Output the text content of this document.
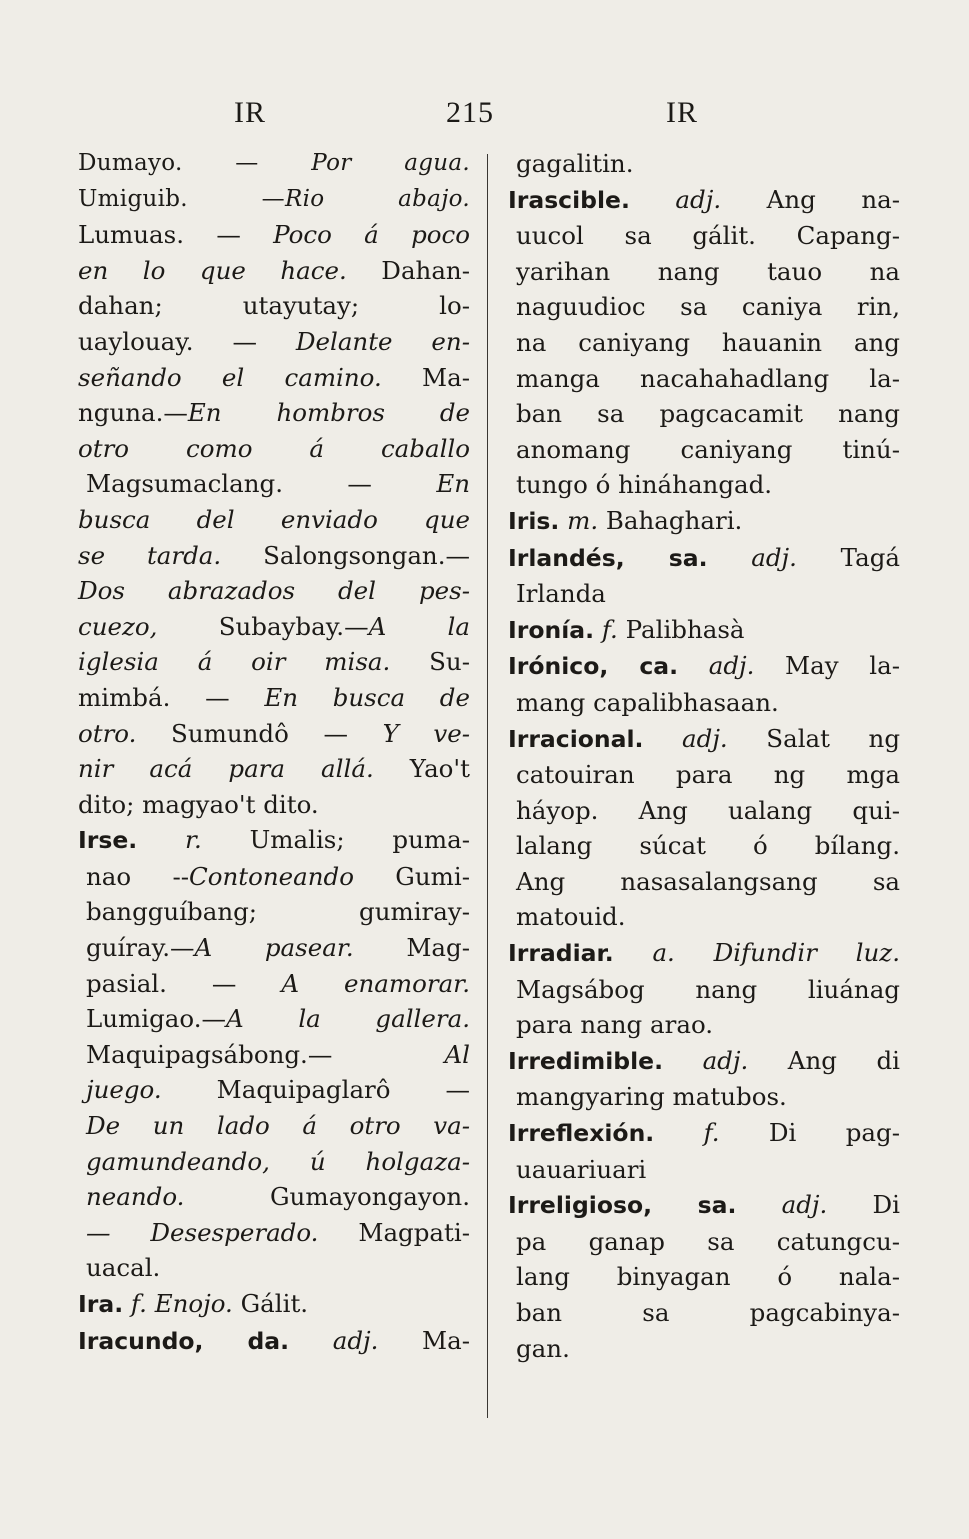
IR	215	IR
Dumayo. — Por agua.
Umiguib. —Rio abajo.
Lumuas. — Poco á poco
en lo que hace. Dahan-
dahan; utayutay; lo-
uaylouay. — Delante en-
señando el camino. Ma-
nguna.—En hombros de
otro como á caballo
Magsumaclang. — En
busca del enviado que
se tarda. Salongsongan.—
Dos abrazados del pes-
cuezo, Subaybay.—A la
iglesia á oir misa. Su-
mimbá. — En busca de
otro. Sumundô — Y ve-
nir acá para allá. Yao't
dito; magyao't dito.
Irse. r. Umalis; puma-
nao --Contoneando Gumi-
bangguíbang; gumiray-
guíray.—A pasear. Mag-
pasial. — A enamorar.
Lumigao.—A la gallera.
Maquipagsábong.— Al
juego. Maquipaglarô —
De un lado á otro va-
gamundeando, ú holgaza-
neando. Gumayongayon.
— Desesperado. Magpati-
uacal.
Ira. f. Enojo. Gálit.
Iracundo, da. adj. Ma-
gagalitin.
Irascible. adj. Ang na-
uucol sa gálit. Capang-
yarihan nang tauo na
naguudioc sa caniya rin,
na caniyang hauanin ang
manga nacahahadlang la-
ban sa pagcacamit nang
anomang caniyang tinú-
tungo ó hináhangad.
Iris. m. Bahaghari.
Irlandés, sa. adj. Tagá
Irlanda
Ironía. f. Palibhasà
Irónico, ca. adj. May la-
mang capalibhasaan.
Irracional. adj. Salat ng
catouiran para ng mga
háyop. Ang ualang qui-
lalang súcat ó bílang.
Ang nasasalangsang sa
matouid.
Irradiar. a. Difundir luz.
Magsábog nang liuánag
para nang arao.
Irredimible. adj. Ang di
mangyaring matubos.
Irreflexión. f. Di pag-
uauariuari
Irreligioso, sa. adj. Di
pa ganap sa catungcu-
lang binyagan ó nala-
ban sa pagcabinya-
gan.
